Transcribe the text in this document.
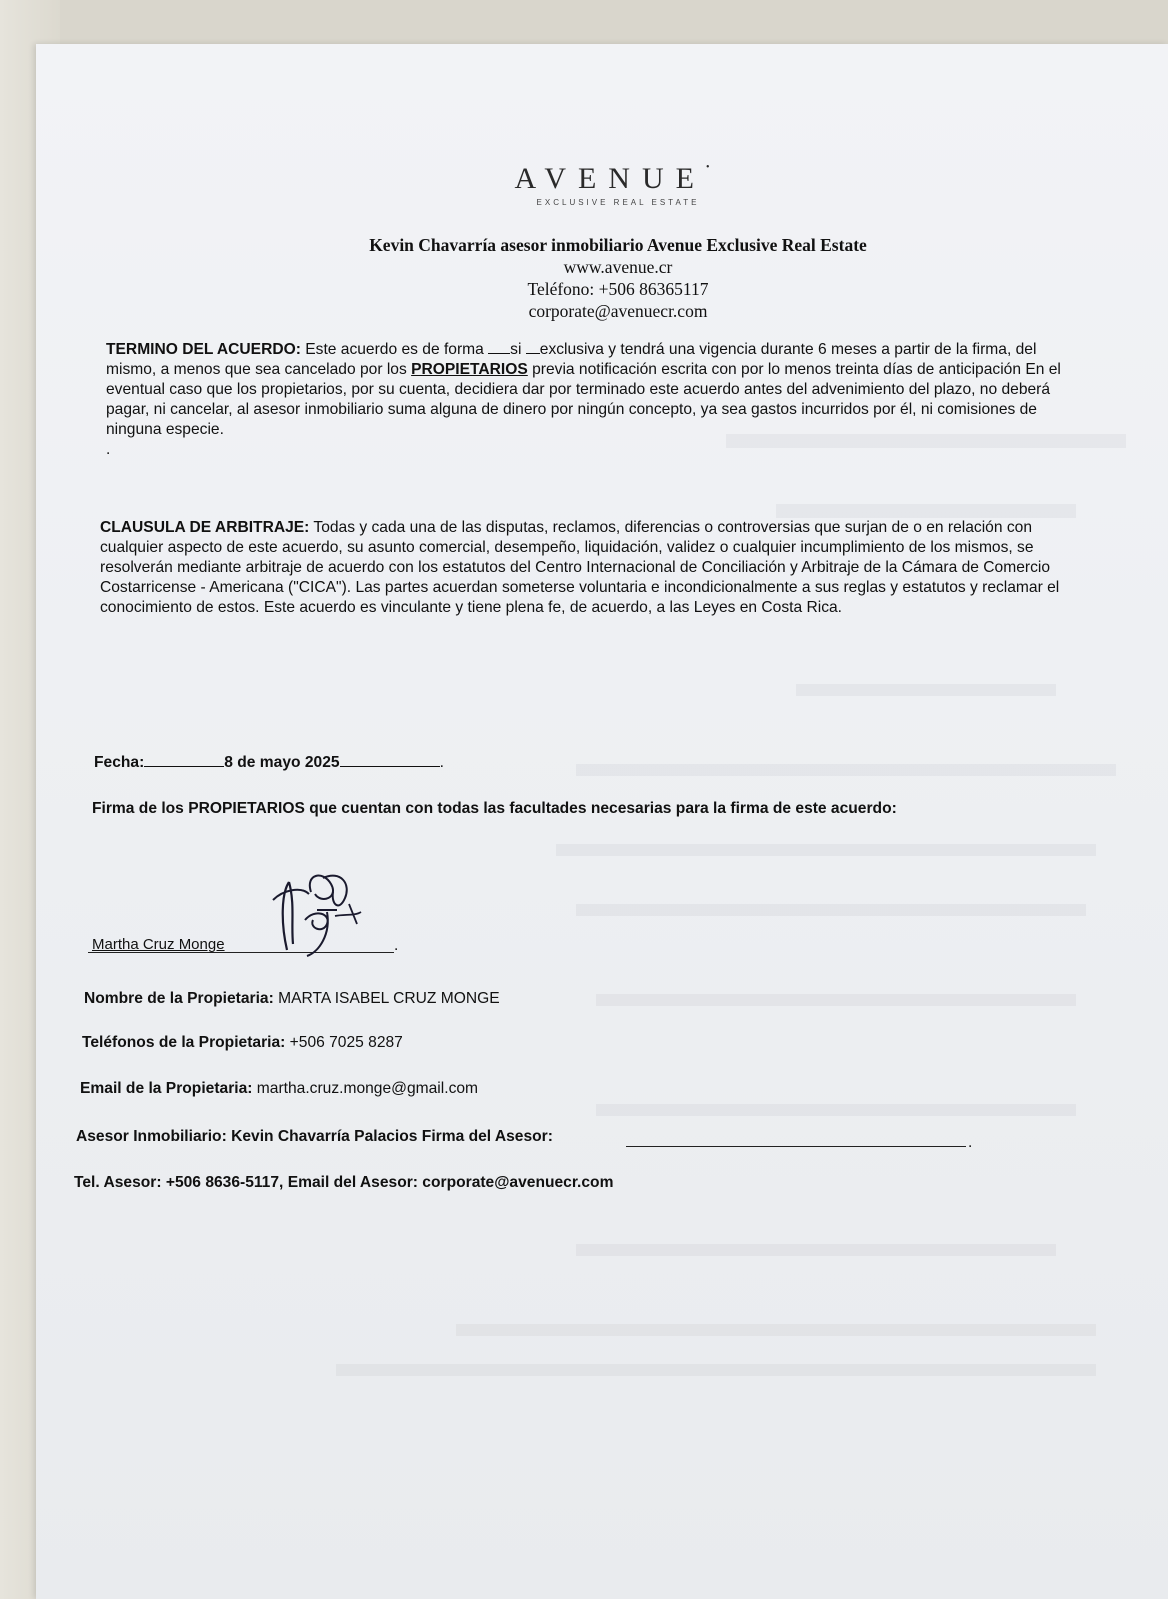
AVENUE•
EXCLUSIVE REAL ESTATE
Kevin Chavarría asesor inmobiliario Avenue Exclusive Real Estate
www.avenue.cr
Teléfono: +506 86365117
corporate@avenuecr.com
TERMINO DEL ACUERDO: Este acuerdo es de forma si exclusiva y tendrá una vigencia durante 6 meses a partir de la firma, del mismo, a menos que sea cancelado por los PROPIETARIOS previa notificación escrita con por lo menos treinta días de anticipación En el eventual caso que los propietarios, por su cuenta, decidiera dar por terminado este acuerdo antes del advenimiento del plazo, no deberá pagar, ni cancelar, al asesor inmobiliario suma alguna de dinero por ningún concepto, ya sea gastos incurridos por él, ni comisiones de ninguna especie.
.
CLAUSULA DE ARBITRAJE: Todas y cada una de las disputas, reclamos, diferencias o controversias que surjan de o en relación con cualquier aspecto de este acuerdo, su asunto comercial, desempeño, liquidación, validez o cualquier incumplimiento de los mismos, se resolverán mediante arbitraje de acuerdo con los estatutos del Centro Internacional de Conciliación y Arbitraje de la Cámara de Comercio Costarricense - Americana ("CICA"). Las partes acuerdan someterse voluntaria e incondicionalmente a sus reglas y estatutos y reclamar el conocimiento de estos. Este acuerdo es vinculante y tiene plena fe, de acuerdo, a las Leyes en Costa Rica.
Fecha:	8 de mayo 2025	.
Firma de los PROPIETARIOS que cuentan con todas las facultades necesarias para la firma de este acuerdo:
Martha Cruz Monge	.
Nombre de la Propietaria: MARTA ISABEL CRUZ MONGE
Teléfonos de la Propietaria: +506 7025 8287
Email de la Propietaria: martha.cruz.monge@gmail.com
Asesor Inmobiliario: Kevin Chavarría Palacios Firma del Asesor:	.
Tel. Asesor: +506 8636-5117, Email del Asesor: corporate@avenuecr.com
